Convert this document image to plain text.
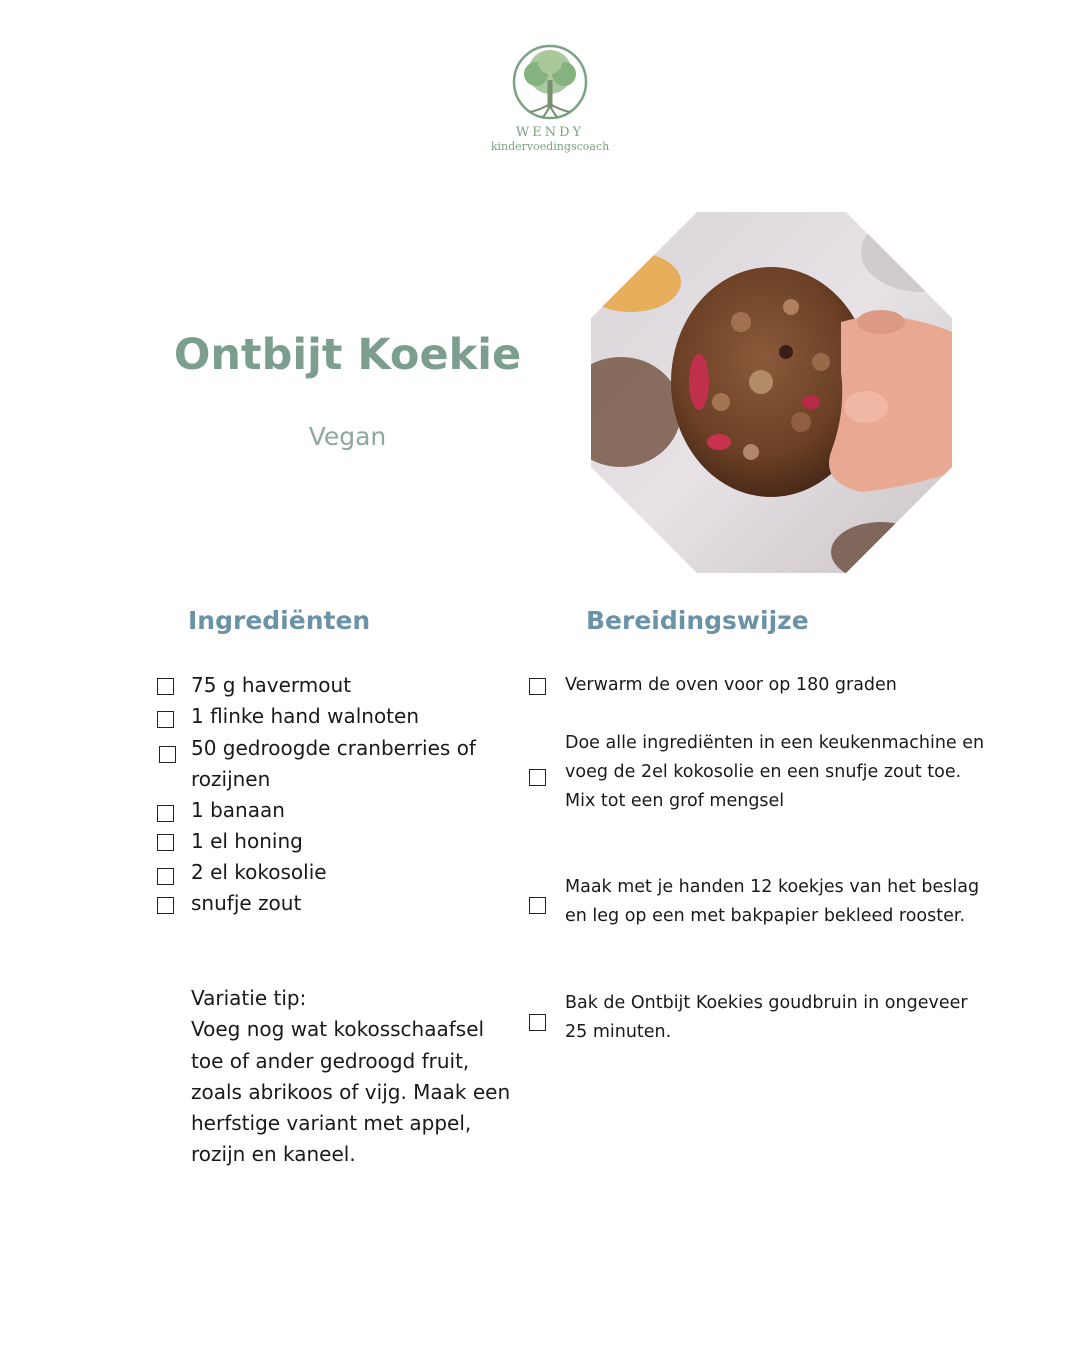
WENDY
kindervoedingscoach
Ontbijt Koekie
Vegan
Ingrediënten	Bereidingswijze
75 g havermout
1 flinke hand walnoten
50 gedroogde cranberries of rozijnen
1 banaan
1 el honing
2 el kokosolie
snufje zout
Variatie tip:
Voeg nog wat kokosschaafsel toe of ander gedroogd fruit, zoals abrikoos of vijg. Maak een herfstige variant met appel, rozijn en kaneel.
Verwarm de oven voor op 180 graden
Doe alle ingrediënten in een keukenmachine en voeg de 2el kokosolie en een snufje zout toe. Mix tot een grof mengsel
Maak met je handen 12 koekjes van het beslag en leg op een met bakpapier bekleed rooster.
Bak de Ontbijt Koekies goudbruin in ongeveer 25 minuten.
